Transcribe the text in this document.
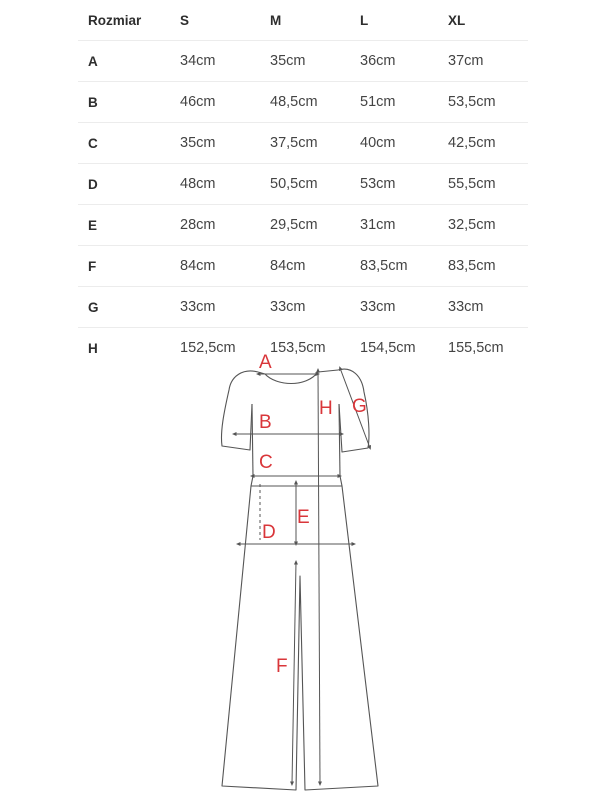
Rozmiar	S	M	L	XL
A	34cm	35cm	36cm	37cm
B	46cm	48,5cm	51cm	53,5cm
C	35cm	37,5cm	40cm	42,5cm
D	48cm	50,5cm	53cm	55,5cm
E	28cm	29,5cm	31cm	32,5cm
F	84cm	84cm	83,5cm	83,5cm
G	33cm	33cm	33cm	33cm
H	152,5cm	153,5cm	154,5cm	155,5cm
A
B
C
D
E
F
G
H
